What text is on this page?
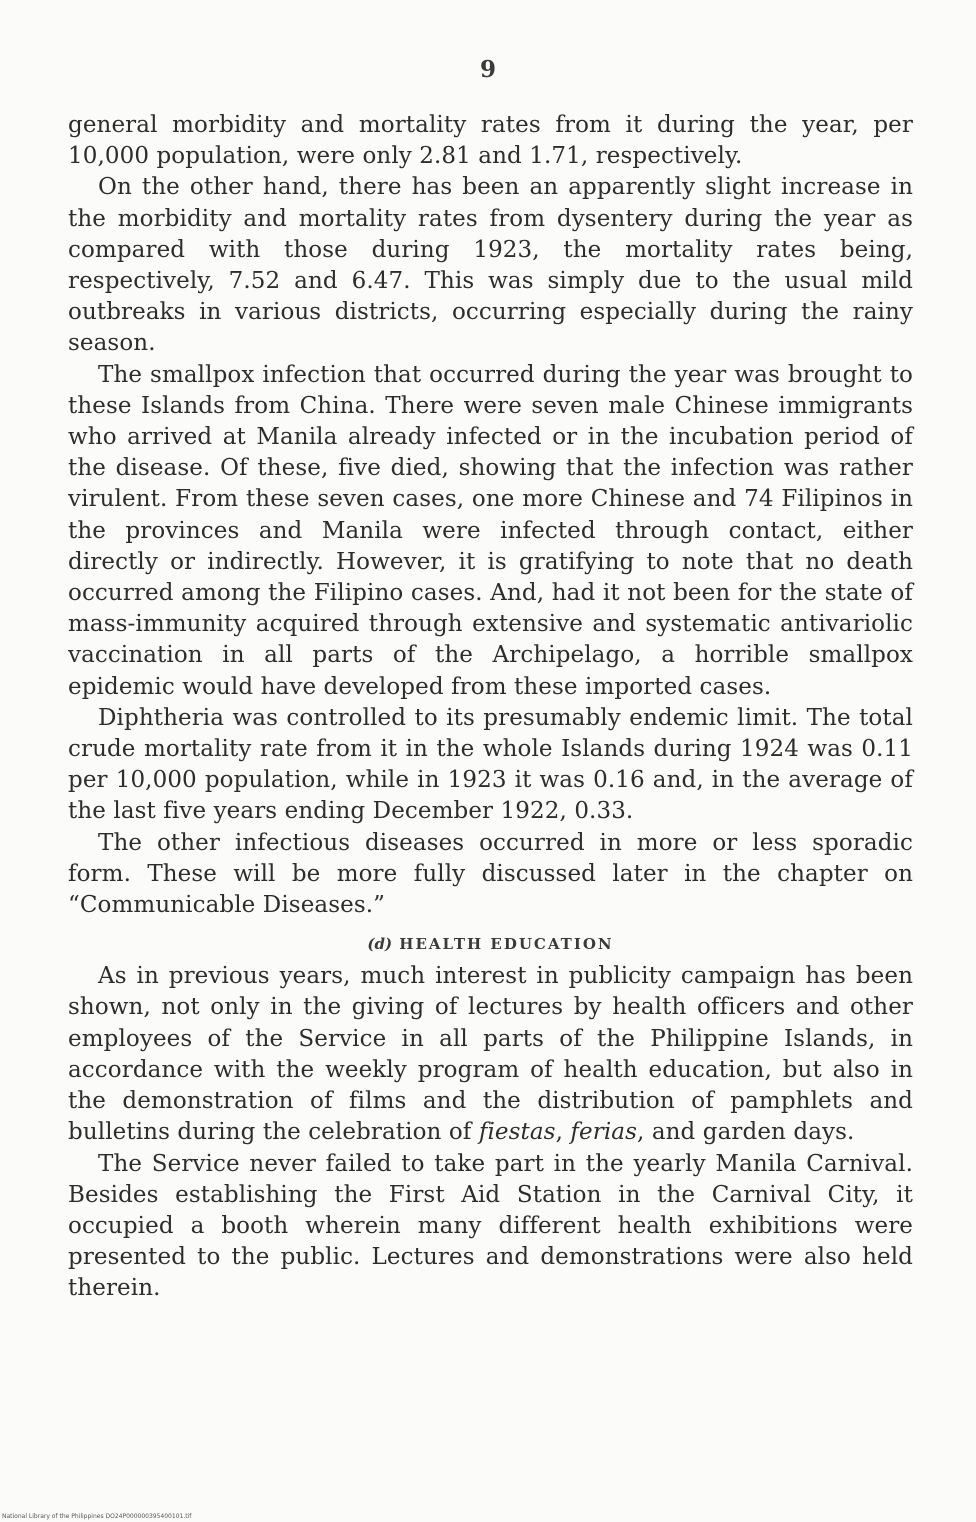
9

general morbidity and mortality rates from it during the year, per 10,000 population, were only 2.81 and 1.71, respectively.

On the other hand, there has been an apparently slight increase in the morbidity and mortality rates from dysentery during the year as compared with those during 1923, the mortality rates being, respectively, 7.52 and 6.47. This was simply due to the usual mild outbreaks in various districts, occurring especially during the rainy season.

The smallpox infection that occurred during the year was brought to these Islands from China. There were seven male Chinese immigrants who arrived at Manila already infected or in the incubation period of the disease. Of these, five died, showing that the infection was rather virulent. From these seven cases, one more Chinese and 74 Filipinos in the provinces and Manila were infected through contact, either directly or indirectly. However, it is gratifying to note that no death occurred among the Filipino cases. And, had it not been for the state of mass-immunity acquired through extensive and systematic antivariolic vaccination in all parts of the Archipelago, a horrible smallpox epidemic would have developed from these imported cases.

Diphtheria was controlled to its presumably endemic limit. The total crude mortality rate from it in the whole Islands during 1924 was 0.11 per 10,000 population, while in 1923 it was 0.16 and, in the average of the last five years ending December 1922, 0.33.

The other infectious diseases occurred in more or less sporadic form. These will be more fully discussed later in the chapter on “Communicable Diseases.”

(d) HEALTH EDUCATION

As in previous years, much interest in publicity campaign has been shown, not only in the giving of lectures by health officers and other employees of the Service in all parts of the Philippine Islands, in accordance with the weekly program of health education, but also in the demonstration of films and the distribution of pamphlets and bulletins during the celebration of fiestas, ferias, and garden days.

The Service never failed to take part in the yearly Manila Carnival. Besides establishing the First Aid Station in the Carnival City, it occupied a booth wherein many different health exhibitions were presented to the public. Lectures and demonstrations were also held therein.

National Library of the Philippines DO24P000000395400101.tif
